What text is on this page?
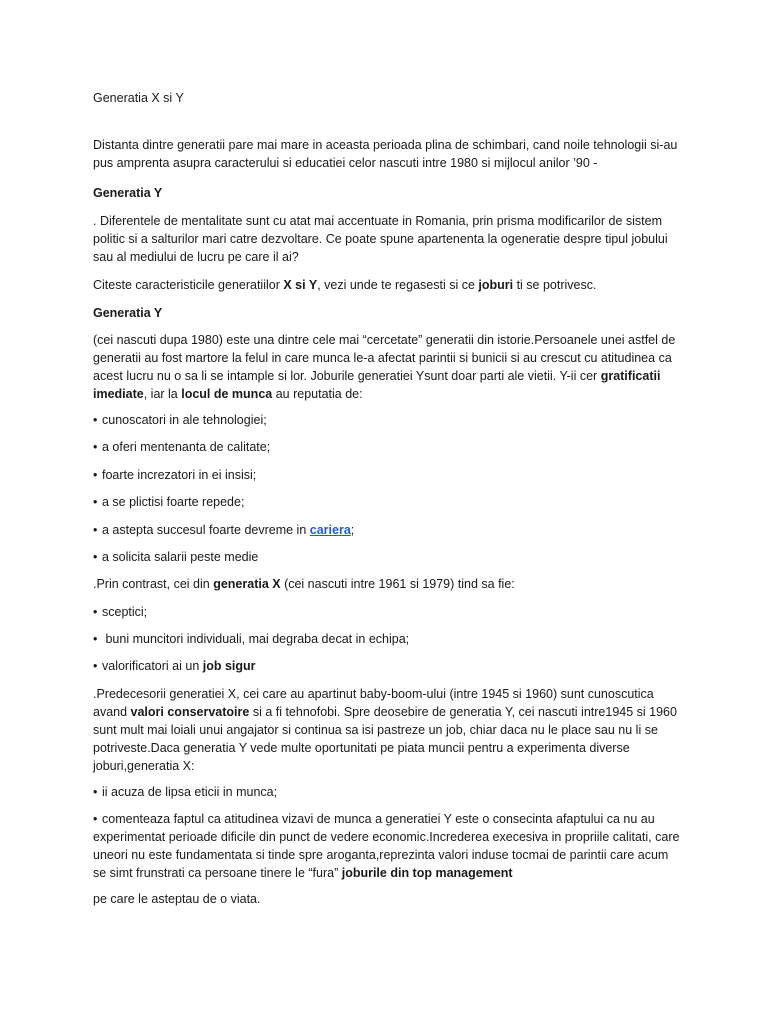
Generatia X si Y

Distanta dintre generatii pare mai mare in aceasta perioada plina de schimbari, cand noile tehnologii si-au pus amprenta asupra caracterului si educatiei celor nascuti intre 1980 si mijlocul anilor ’90 -

Generatia Y

. Diferentele de mentalitate sunt cu atat mai accentuate in Romania, prin prisma modificarilor de sistem politic si a salturilor mari catre dezvoltare. Ce poate spune apartenenta la ogeneratie despre tipul jobului sau al mediului de lucru pe care il ai?

Citeste caracteristicile generatiilor X si Y, vezi unde te regasesti si ce joburi ti se potrivesc.

Generatia Y

(cei nascuti dupa 1980) este una dintre cele mai “cercetate” generatii din istorie.Persoanele unei astfel de generatii au fost martore la felul in care munca le-a afectat parintii si bunicii si au crescut cu atitudinea ca acest lucru nu o sa li se intample si lor. Joburile generatiei Ysunt doar parti ale vietii. Y-ii cer gratificatii imediate, iar la locul de munca au reputatia de:

• cunoscatori in ale tehnologiei;

• a oferi mentenanta de calitate;

• foarte increzatori in ei insisi;

• a se plictisi foarte repede;

• a astepta succesul foarte devreme in cariera;

• a solicita salarii peste medie

.Prin contrast, cei din generatia X (cei nascuti intre 1961 si 1979) tind sa fie:

• sceptici;

• buni muncitori individuali, mai degraba decat in echipa;

• valorificatori ai un job sigur

.Predecesorii generatiei X, cei care au apartinut baby-boom-ului (intre 1945 si 1960) sunt cunoscutica avand valori conservatoire si a fi tehnofobi. Spre deosebire de generatia Y, cei nascuti intre1945 si 1960 sunt mult mai loiali unui angajator si continua sa isi pastreze un job, chiar daca nu le place sau nu li se potriveste.Daca generatia Y vede multe oportunitati pe piata muncii pentru a experimenta diverse joburi,generatia X:

• ii acuza de lipsa eticii in munca;

• comenteaza faptul ca atitudinea vizavi de munca a generatiei Y este o consecinta afaptului ca nu au experimentat perioade dificile din punct de vedere economic.Increderea execesiva in propriile calitati, care uneori nu este fundamentata si tinde spre aroganta,reprezinta valori induse tocmai de parintii care acum se simt frunstrati ca persoane tinere le “fura” joburile din top management

pe care le asteptau de o viata.
